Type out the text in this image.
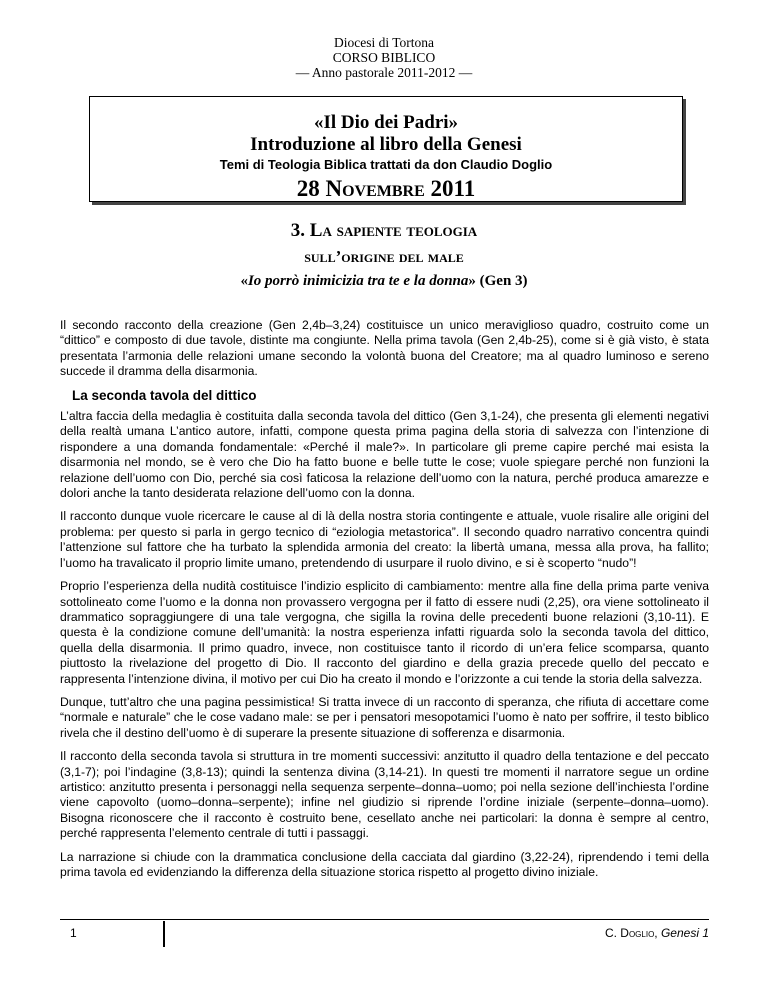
Diocesi di Tortona
CORSO BIBLICO
— Anno pastorale 2011-2012 —
«Il Dio dei Padri»
Introduzione al libro della Genesi
Temi di Teologia Biblica trattati da don Claudio Doglio
28 Novembre 2011
3. La sapiente teologia
sull’origine del male
«Io porrò inimicizia tra te e la donna» (Gen 3)

Il secondo racconto della creazione (Gen 2,4b–3,24) costituisce un unico meraviglioso quadro, costruito come un “dittico” e composto di due tavole, distinte ma congiunte. Nella prima tavola (Gen 2,4b-25), come si è già visto, è stata presentata l’armonia delle relazioni umane secondo la volontà buona del Creatore; ma al quadro luminoso e sereno succede il dramma della disarmonia.

La seconda tavola del dittico

L’altra faccia della medaglia è costituita dalla seconda tavola del dittico (Gen 3,1-24), che presenta gli elementi negativi della realtà umana L’antico autore, infatti, compone questa prima pagina della storia di salvezza con l’intenzione di rispondere a una domanda fondamentale: «Perché il male?». In particolare gli preme capire perché mai esista la disarmonia nel mondo, se è vero che Dio ha fatto buone e belle tutte le cose; vuole spiegare perché non funzioni la relazione dell’uomo con Dio, perché sia così faticosa la relazione dell’uomo con la natura, perché produca amarezze e dolori anche la tanto desiderata relazione dell’uomo con la donna.

Il racconto dunque vuole ricercare le cause al di là della nostra storia contingente e attuale, vuole risalire alle origini del problema: per questo si parla in gergo tecnico di “eziologia metastorica”. Il secondo quadro narrativo concentra quindi l’attenzione sul fattore che ha turbato la splendida armonia del creato: la libertà umana, messa alla prova, ha fallito; l’uomo ha travalicato il proprio limite umano, pretendendo di usurpare il ruolo divino, e si è scoperto “nudo”!

Proprio l’esperienza della nudità costituisce l’indizio esplicito di cambiamento: mentre alla fine della prima parte veniva sottolineato come l’uomo e la donna non provassero vergogna per il fatto di essere nudi (2,25), ora viene sottolineato il drammatico sopraggiungere di una tale vergogna, che sigilla la rovina delle precedenti buone relazioni (3,10-11). E questa è la condizione comune dell’umanità: la nostra esperienza infatti riguarda solo la seconda tavola del dittico, quella della disarmonia. Il primo quadro, invece, non costituisce tanto il ricordo di un’era felice scomparsa, quanto piuttosto la rivelazione del progetto di Dio. Il racconto del giardino e della grazia precede quello del peccato e rappresenta l’intenzione divina, il motivo per cui Dio ha creato il mondo e l’orizzonte a cui tende la storia della salvezza.

Dunque, tutt’altro che una pagina pessimistica! Si tratta invece di un racconto di speranza, che rifiuta di accettare come “normale e naturale” che le cose vadano male: se per i pensatori mesopotamici l’uomo è nato per soffrire, il testo biblico rivela che il destino dell’uomo è di superare la presente situazione di sofferenza e disarmonia.

Il racconto della seconda tavola si struttura in tre momenti successivi: anzitutto il quadro della tentazione e del peccato (3,1-7); poi l’indagine (3,8-13); quindi la sentenza divina (3,14-21). In questi tre momenti il narratore segue un ordine artistico: anzitutto presenta i personaggi nella sequenza serpente–donna–uomo; poi nella sezione dell’inchiesta l’ordine viene capovolto (uomo–donna–serpente); infine nel giudizio si riprende l’ordine iniziale (serpente–donna–uomo). Bisogna riconoscere che il racconto è costruito bene, cesellato anche nei particolari: la donna è sempre al centro, perché rappresenta l’elemento centrale di tutti i passaggi.

La narrazione si chiude con la drammatica conclusione della cacciata dal giardino (3,22-24), riprendendo i temi della prima tavola ed evidenziando la differenza della situazione storica rispetto al progetto divino iniziale.

1	C. Doglio, Genesi 1
